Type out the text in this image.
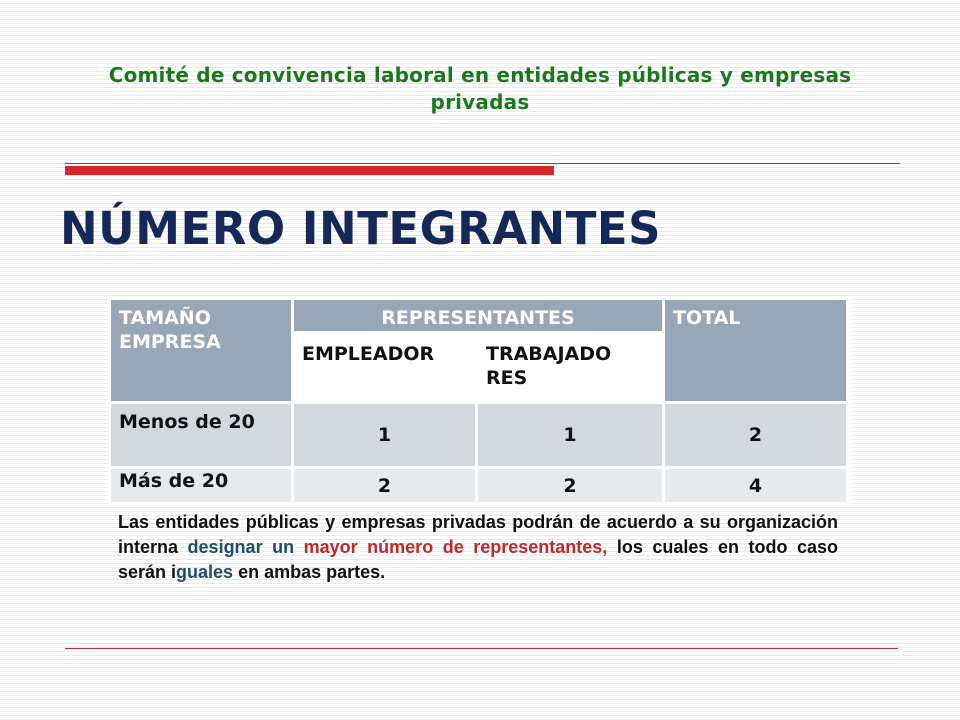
Comité de convivencia laboral en entidades públicas y empresas privadas
NÚMERO INTEGRANTES
TAMAÑO EMPRESA	REPRESENTANTES		TOTAL
	EMPLEADOR	TRABAJADO RES	
Menos de 20	1	1	2
Más de 20	2	2	4

Las entidades públicas y empresas privadas podrán de acuerdo a su organización interna designar un mayor número de representantes, los cuales en todo caso serán iguales en ambas partes.
